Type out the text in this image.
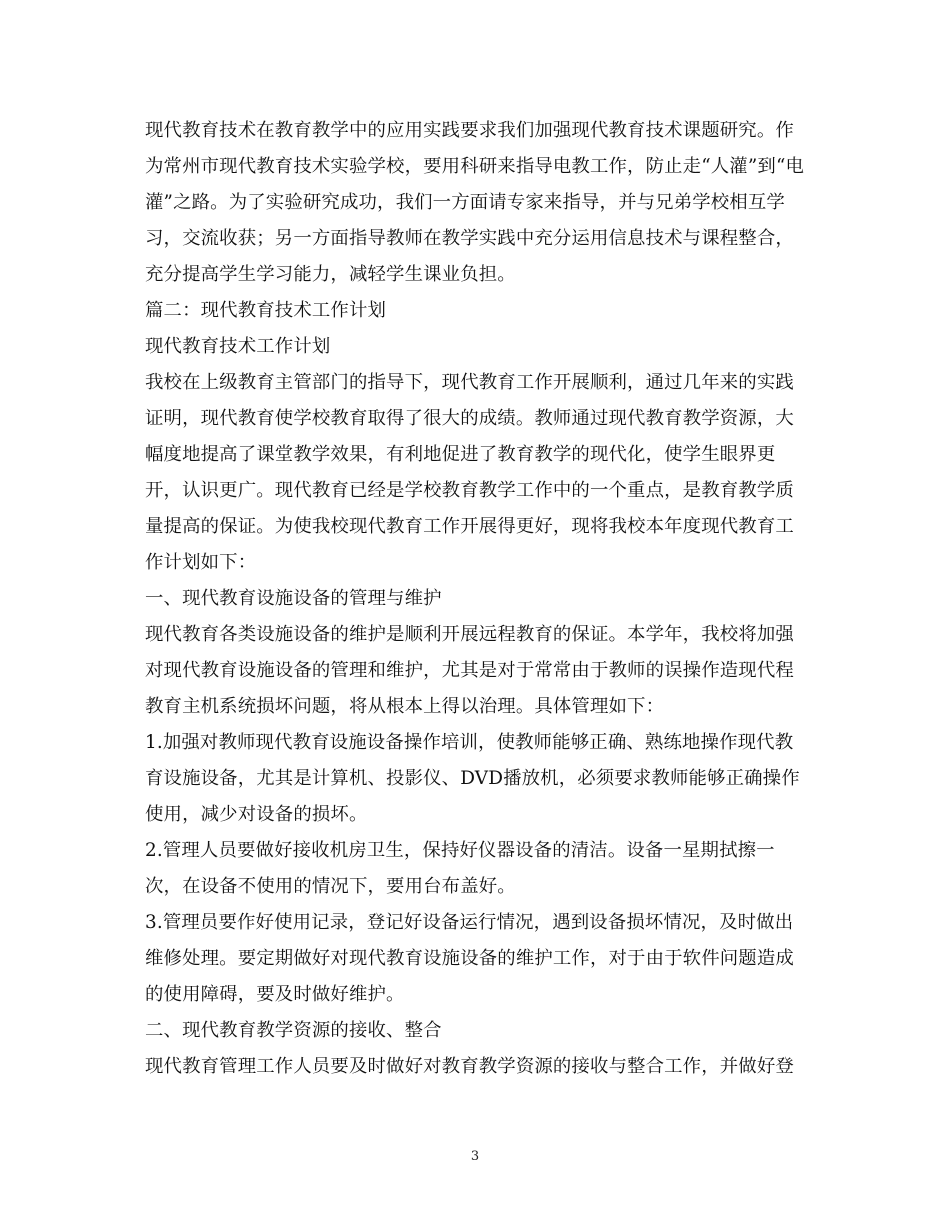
现代教育技术在教育教学中的应用实践要求我们加强现代教育技术课题研究。作
为常州市现代教育技术实验学校，要用科研来指导电教工作，防止走“人灌”到“电
灌”之路。为了实验研究成功，我们一方面请专家来指导，并与兄弟学校相互学
习，交流收获；另一方面指导教师在教学实践中充分运用信息技术与课程整合，
充分提高学生学习能力，减轻学生课业负担。
篇二：现代教育技术工作计划
现代教育技术工作计划
我校在上级教育主管部门的指导下，现代教育工作开展顺利，通过几年来的实践
证明，现代教育使学校教育取得了很大的成绩。教师通过现代教育教学资源，大
幅度地提高了课堂教学效果，有利地促进了教育教学的现代化，使学生眼界更
开，认识更广。现代教育已经是学校教育教学工作中的一个重点，是教育教学质
量提高的保证。为使我校现代教育工作开展得更好，现将我校本年度现代教育工
作计划如下：
一、现代教育设施设备的管理与维护
现代教育各类设施设备的维护是顺利开展远程教育的保证。本学年，我校将加强
对现代教育设施设备的管理和维护，尤其是对于常常由于教师的误操作造现代程
教育主机系统损坏问题，将从根本上得以治理。具体管理如下：
1.加强对教师现代教育设施设备操作培训，使教师能够正确、熟练地操作现代教
育设施设备，尤其是计算机、投影仪、DVD播放机，必须要求教师能够正确操作
使用，减少对设备的损坏。
2.管理人员要做好接收机房卫生，保持好仪器设备的清洁。设备一星期拭擦一
次，在设备不使用的情况下，要用台布盖好。
3.管理员要作好使用记录，登记好设备运行情况，遇到设备损坏情况，及时做出
维修处理。要定期做好对现代教育设施设备的维护工作，对于由于软件问题造成
的使用障碍，要及时做好维护。
二、现代教育教学资源的接收、整合
现代教育管理工作人员要及时做好对教育教学资源的接收与整合工作，并做好登
3
